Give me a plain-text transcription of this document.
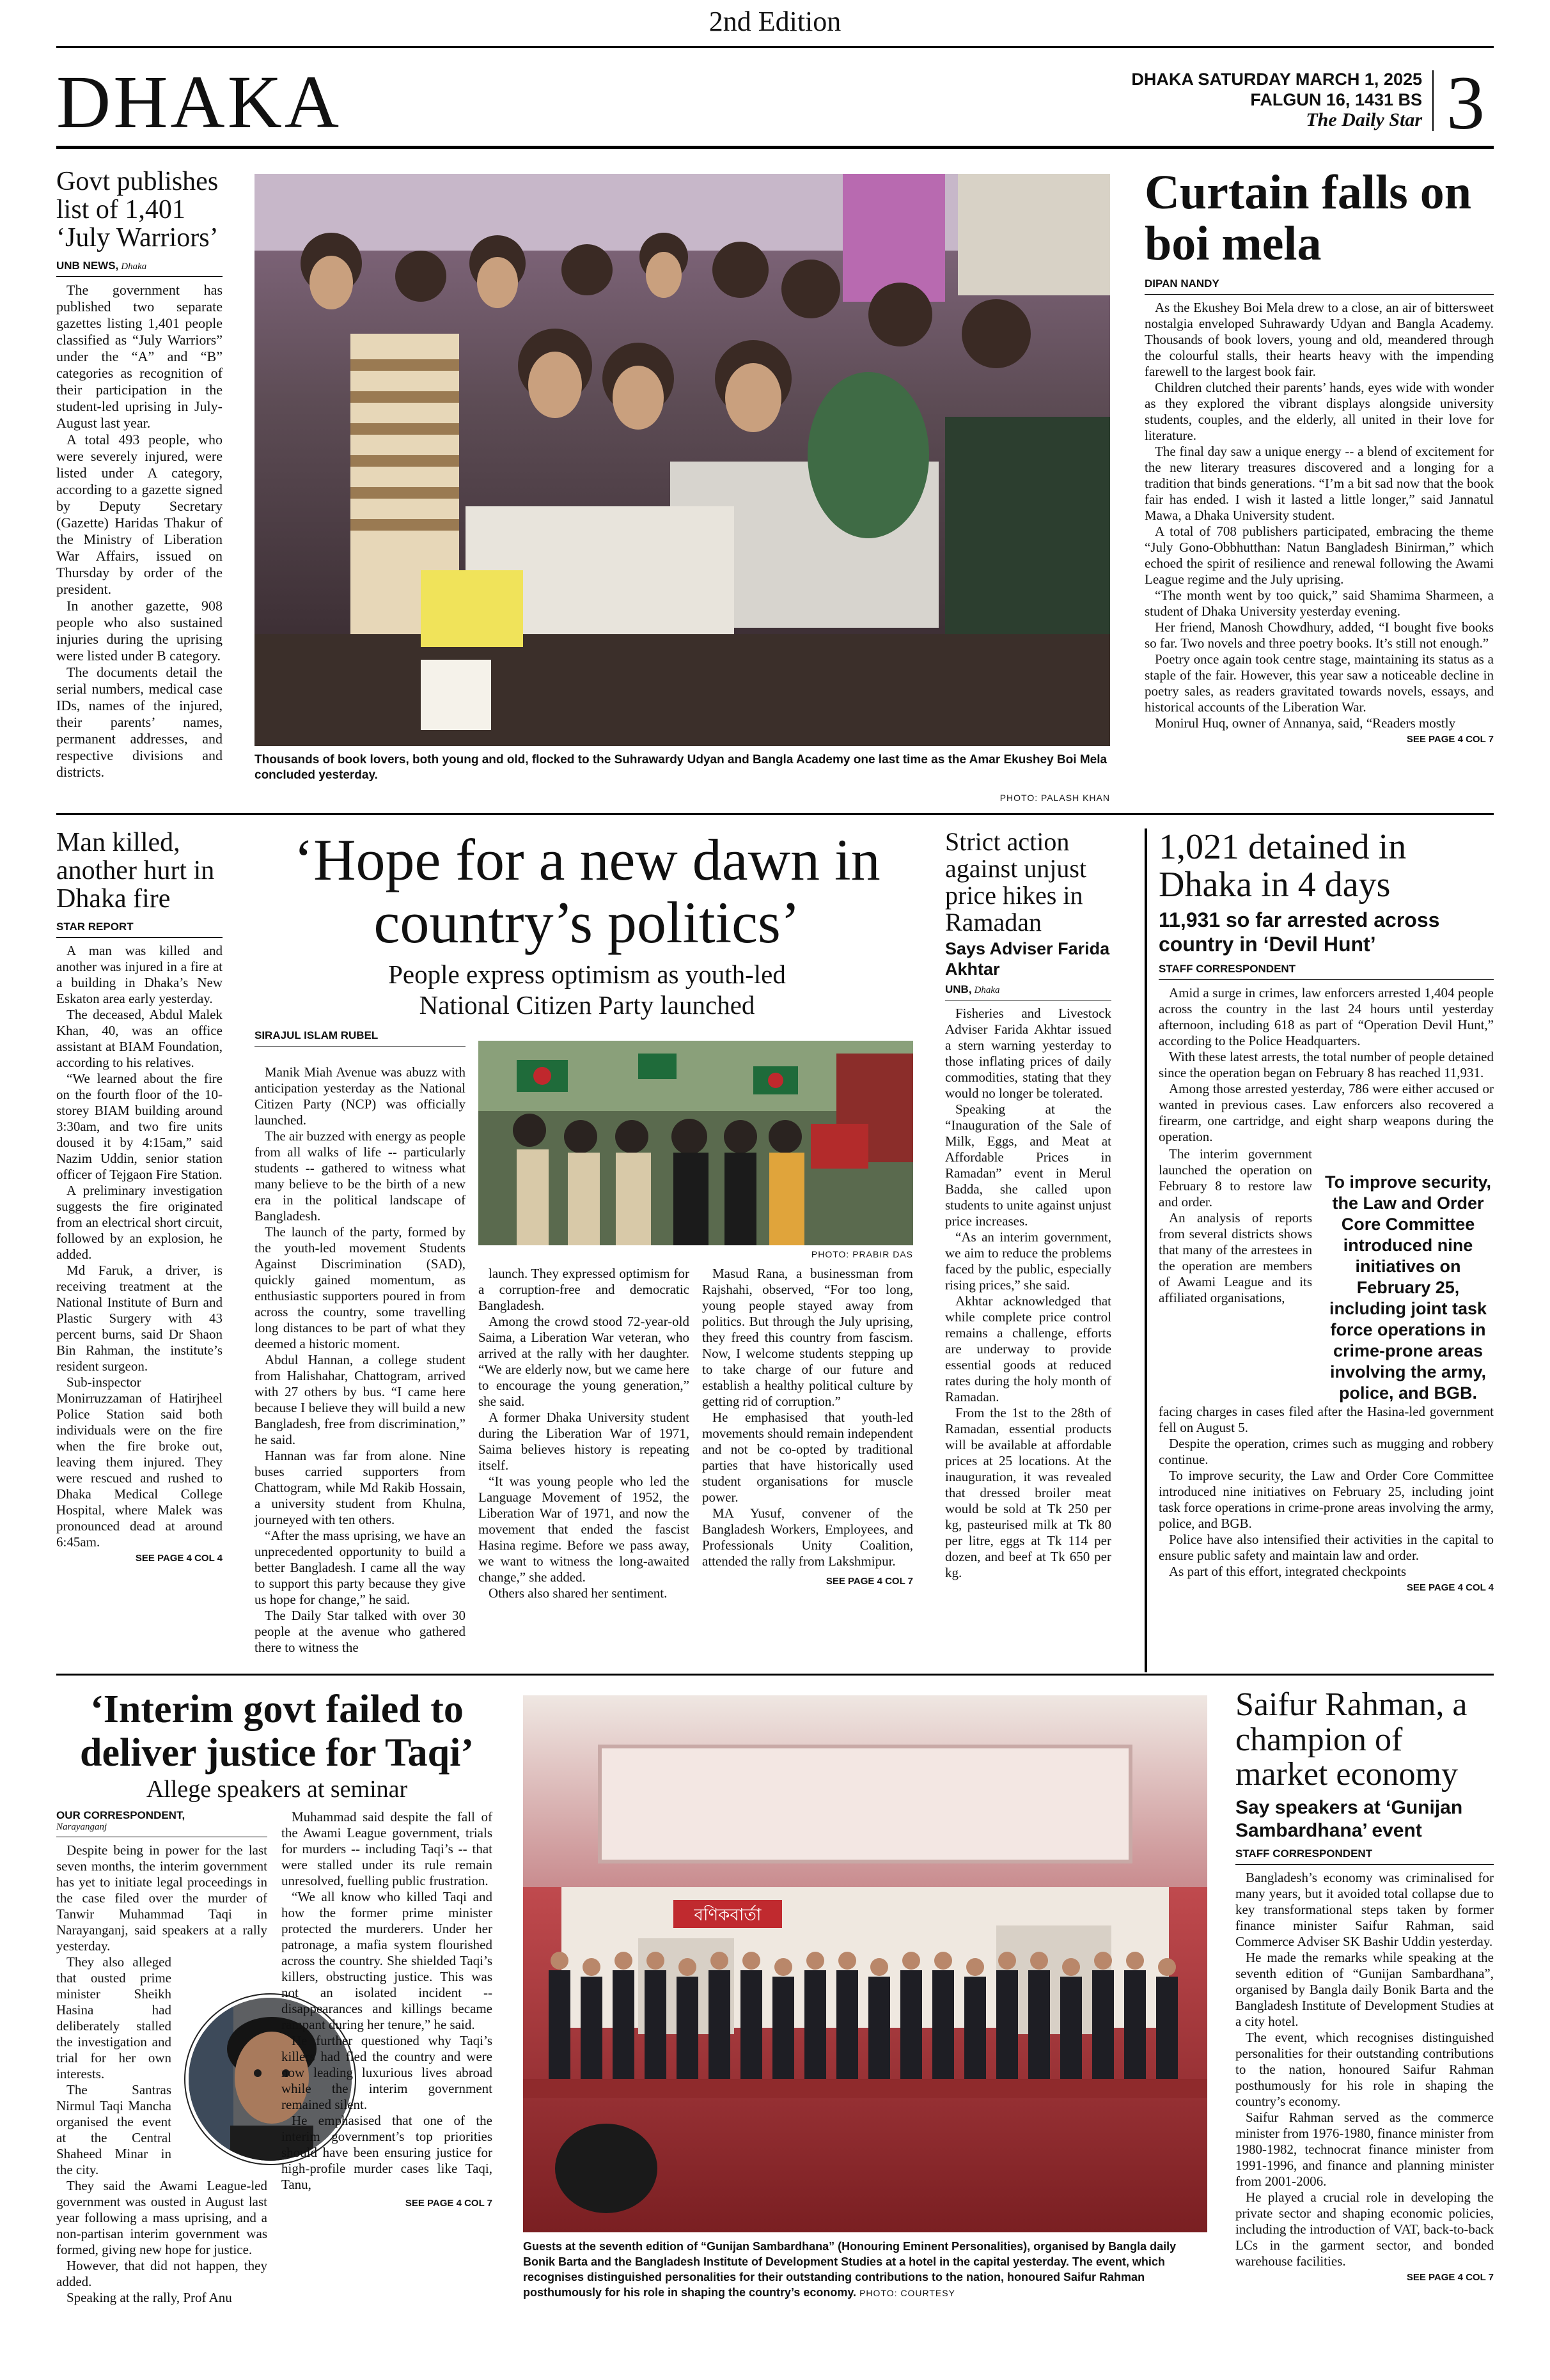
2nd Edition
DHAKA	DHAKA SATURDAY MARCH 1, 2025
FALGUN 16, 1431 BS
The Daily Star 3
Govt publishes list of 1,401 ‘July Warriors’
UNB NEWS, Dhaka

The government has published two separate gazettes listing 1,401 people classified as “July Warriors” under the “A” and “B” categories as recognition of their participation in the student-led uprising in July-August last year.

A total 493 people, who were severely injured, were listed under A category, according to a gazette signed by Deputy Secretary (Gazette) Haridas Thakur of the Ministry of Liberation War Affairs, issued on Thursday by order of the president.

In another gazette, 908 people who also sustained injuries during the uprising were listed under B category.

The documents detail the serial numbers, medical case IDs, names of the injured, their parents’ names, permanent addresses, and respective divisions and districts.

Thousands of book lovers, both young and old, flocked to the Suhrawardy Udyan and Bangla Academy one last time as the Amar Ekushey Boi Mela concluded yesterday.
PHOTO: PALASH KHAN
Curtain falls on boi mela
DIPAN NANDY

As the Ekushey Boi Mela drew to a close, an air of bittersweet nostalgia enveloped Suhrawardy Udyan and Bangla Academy. Thousands of book lovers, young and old, meandered through the colourful stalls, their hearts heavy with the impending farewell to the largest book fair.

Children clutched their parents’ hands, eyes wide with wonder as they explored the vibrant displays alongside university students, couples, and the elderly, all united in their love for literature.

The final day saw a unique energy -- a blend of excitement for the new literary treasures discovered and a longing for a tradition that binds generations. “I’m a bit sad now that the book fair has ended. I wish it lasted a little longer,” said Jannatul Mawa, a Dhaka University student.

A total of 708 publishers participated, embracing the theme “July Gono-Obbhutthan: Natun Bangladesh Binirman,” which echoed the spirit of resilience and renewal following the Awami League regime and the July uprising.

“The month went by too quick,” said Shamima Sharmeen, a student of Dhaka University yesterday evening.

Her friend, Manosh Chowdhury, added, “I bought five books so far. Two novels and three poetry books. It’s still not enough.”

Poetry once again took centre stage, maintaining its status as a staple of the fair. However, this year saw a noticeable decline in poetry sales, as readers gravitated towards novels, essays, and historical accounts of the Liberation War.

Monirul Huq, owner of Annanya, said, “Readers mostly

SEE PAGE 4 COL 7
Man killed, another hurt in Dhaka fire
STAR REPORT

A man was killed and another was injured in a fire at a building in Dhaka’s New Eskaton area early yesterday.

The deceased, Abdul Malek Khan, 40, was an office assistant at BIAM Foundation, according to his relatives.

“We learned about the fire on the fourth floor of the 10-storey BIAM building around 3:30am, and two fire units doused it by 4:15am,” said Nazim Uddin, senior station officer of Tejgaon Fire Station.

A preliminary investigation suggests the fire originated from an electrical short circuit, followed by an explosion, he added.

Md Faruk, a driver, is receiving treatment at the National Institute of Burn and Plastic Surgery with 43 percent burns, said Dr Shaon Bin Rahman, the institute’s resident surgeon.

Sub-inspector Monirruzzaman of Hatirjheel Police Station said both individuals were on the fire when the fire broke out, leaving them injured. They were rescued and rushed to Dhaka Medical College Hospital, where Malek was pronounced dead at around 6:45am.

SEE PAGE 4 COL 4
‘Hope for a new dawn in country’s politics’
People express optimism as youth-led National Citizen Party launched
SIRAJUL ISLAM RUBEL

Manik Miah Avenue was abuzz with anticipation yesterday as the National Citizen Party (NCP) was officially launched.

The air buzzed with energy as people from all walks of life -- particularly students -- gathered to witness what many believe to be the birth of a new era in the political landscape of Bangladesh.

The launch of the party, formed by the youth-led movement Students Against Discrimination (SAD), quickly gained momentum, as enthusiastic supporters poured in from across the country, some travelling long distances to be part of what they deemed a historic moment.

Abdul Hannan, a college student from Halishahar, Chattogram, arrived with 27 others by bus. “I came here because I believe they will build a new Bangladesh, free from discrimination,” he said.

Hannan was far from alone. Nine buses carried supporters from Chattogram, while Md Rakib Hossain, a university student from Khulna, journeyed with ten others.

“After the mass uprising, we have an unprecedented opportunity to build a better Bangladesh. I came all the way to support this party because they give us hope for change,” he said.

The Daily Star talked with over 30 people at the avenue who gathered there to witness the

PHOTO: PRABIR DAS

launch. They expressed optimism for a corruption-free and democratic Bangladesh.

Among the crowd stood 72-year-old Saima, a Liberation War veteran, who arrived at the rally with her daughter. “We are elderly now, but we came here to encourage the young generation,” she said.

A former Dhaka University student during the Liberation War of 1971, Saima believes history is repeating itself.

“It was young people who led the Language Movement of 1952, the Liberation War of 1971, and now the movement that ended the fascist Hasina regime. Before we pass away, we want to witness the long-awaited change,” she added.

Others also shared her sentiment.

Masud Rana, a businessman from Rajshahi, observed, “For too long, young people stayed away from politics. But through the July uprising, they freed this country from fascism. Now, I welcome students stepping up to take charge of our future and establish a healthy political culture by getting rid of corruption.”

He emphasised that youth-led movements should remain independent and not be co-opted by traditional parties that have historically used student organisations for muscle power.

MA Yusuf, convener of the Bangladesh Workers, Employees, and Professionals Unity Coalition, attended the rally from Lakshmipur.

SEE PAGE 4 COL 7
Strict action against unjust price hikes in Ramadan
Says Adviser Farida Akhtar
UNB, Dhaka

Fisheries and Livestock Adviser Farida Akhtar issued a stern warning yesterday to those inflating prices of daily commodities, stating that they would no longer be tolerated.

Speaking at the “Inauguration of the Sale of Milk, Eggs, and Meat at Affordable Prices in Ramadan” event in Merul Badda, she called upon students to unite against unjust price increases.

“As an interim government, we aim to reduce the problems faced by the public, especially rising prices,” she said.

Akhtar acknowledged that while complete price control remains a challenge, efforts are underway to provide essential goods at reduced rates during the holy month of Ramadan.

From the 1st to the 28th of Ramadan, essential products will be available at affordable prices at 25 locations. At the inauguration, it was revealed that dressed broiler meat would be sold at Tk 250 per kg, pasteurised milk at Tk 80 per litre, eggs at Tk 114 per dozen, and beef at Tk 650 per kg.

1,021 detained in Dhaka in 4 days
11,931 so far arrested across country in ‘Devil Hunt’
STAFF CORRESPONDENT

Amid a surge in crimes, law enforcers arrested 1,404 people across the country in the last 24 hours until yesterday afternoon, including 618 as part of “Operation Devil Hunt,” according to the Police Headquarters.

With these latest arrests, the total number of people detained since the operation began on February 8 has reached 11,931.

Among those arrested yesterday, 786 were either accused or wanted in previous cases. Law enforcers also recovered a firearm, one cartridge, and eight sharp weapons during the operation.

The interim government launched the operation on February 8 to restore law and order.

An analysis of reports from several districts shows that many of the arrestees in the operation are members of Awami League and its affiliated organisations,

To improve security, the Law and Order Core Committee introduced nine initiatives on February 25, including joint task force operations in crime-prone areas involving the army, police, and BGB.

facing charges in cases filed after the Hasina-led government fell on August 5.

Despite the operation, crimes such as mugging and robbery continue.

To improve security, the Law and Order Core Committee introduced nine initiatives on February 25, including joint task force operations in crime-prone areas involving the army, police, and BGB.

Police have also intensified their activities in the capital to ensure public safety and maintain law and order.

As part of this effort, integrated checkpoints

SEE PAGE 4 COL 4
‘Interim govt failed to deliver justice for Taqi’
Allege speakers at seminar
OUR CORRESPONDENT,
Narayanganj

Despite being in power for the last seven months, the interim government has yet to initiate legal proceedings in the case filed over the murder of Tanwir Muhammad Taqi in Narayanganj, said speakers at a rally yesterday.

They also alleged that ousted prime minister Sheikh Hasina had deliberately stalled the investigation and trial for her own interests.

The Santras Nirmul Taqi Mancha organised the event at the Central Shaheed Minar in the city.

They said the Awami League-led government was ousted in August last year following a mass uprising, and a non-partisan interim government was formed, giving new hope for justice.

However, that did not happen, they added.

Speaking at the rally, Prof Anu

Muhammad said despite the fall of the Awami League government, trials for murders -- including Taqi’s -- that were stalled under its rule remain unresolved, fuelling public frustration.

“We all know who killed Taqi and how the former prime minister protected the murderers. Under her patronage, a mafia system flourished across the country. She shielded Taqi’s killers, obstructing justice. This was not an isolated incident -- disappearances and killings became rampant during her tenure,” he said.

He further questioned why Taqi’s killers had fled the country and were now leading luxurious lives abroad while the interim government remained silent.

He emphasised that one of the interim government’s top priorities should have been ensuring justice for high-profile murder cases like Taqi, Tanu,

SEE PAGE 4 COL 7
বণিকবার্তা
Guests at the seventh edition of “Gunijan Sambardhana” (Honouring Eminent Personalities), organised by Bangla daily Bonik Barta and the Bangladesh Institute of Development Studies at a hotel in the capital yesterday. The event, which recognises distinguished personalities for their outstanding contributions to the nation, honoured Saifur Rahman posthumously for his role in shaping the country’s economy. PHOTO: COURTESY
Saifur Rahman, a champion of market economy
Say speakers at ‘Gunijan Sambardhana’ event
STAFF CORRESPONDENT

Bangladesh’s economy was criminalised for many years, but it avoided total collapse due to key transformational steps taken by former finance minister Saifur Rahman, said Commerce Adviser SK Bashir Uddin yesterday.

He made the remarks while speaking at the seventh edition of “Gunijan Sambardhana”, organised by Bangla daily Bonik Barta and the Bangladesh Institute of Development Studies at a city hotel.

The event, which recognises distinguished personalities for their outstanding contributions to the nation, honoured Saifur Rahman posthumously for his role in shaping the country’s economy.

Saifur Rahman served as the commerce minister from 1976-1980, finance minister from 1980-1982, technocrat finance minister from 1991-1996, and finance and planning minister from 2001-2006.

He played a crucial role in developing the private sector and shaping economic policies, including the introduction of VAT, back-to-back LCs in the garment sector, and bonded warehouse facilities.

SEE PAGE 4 COL 7
